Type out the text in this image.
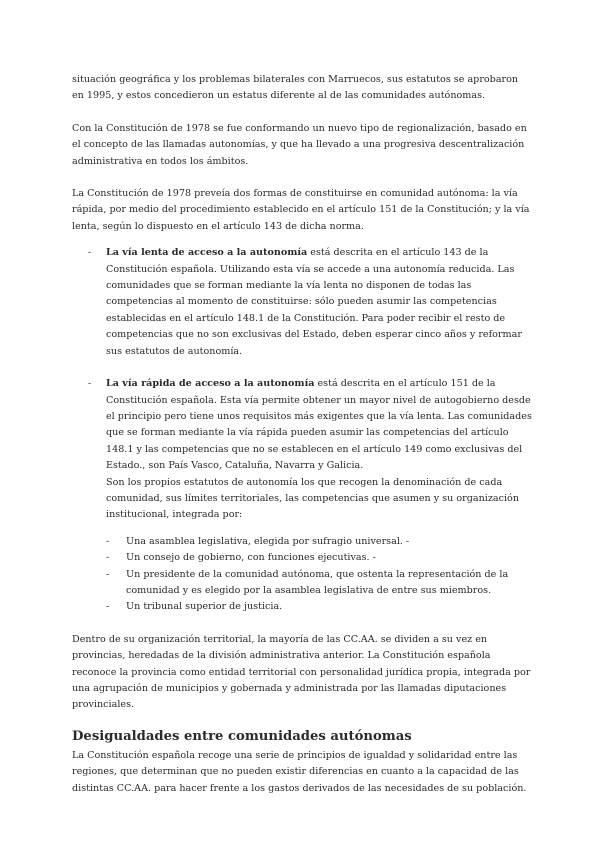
situación geográfica y los problemas bilaterales con Marruecos, sus estatutos se aprobaron en 1995, y estos concedieron un estatus diferente al de las comunidades autónomas.

Con la Constitución de 1978 se fue conformando un nuevo tipo de regionalización, basado en el concepto de las llamadas autonomías, y que ha llevado a una progresiva descentralización administrativa en todos los ámbitos.

La Constitución de 1978 preveía dos formas de constituirse en comunidad autónoma: la vía rápida, por medio del procedimiento establecido en el artículo 151 de la Constitución; y la vía lenta, según lo dispuesto en el artículo 143 de dicha norma.

- La vía lenta de acceso a la autonomía está descrita en el artículo 143 de la Constitución española. Utilizando esta vía se accede a una autonomía reducida. Las comunidades que se forman mediante la vía lenta no disponen de todas las competencias al momento de constituirse: sólo pueden asumir las competencias establecidas en el artículo 148.1 de la Constitución. Para poder recibir el resto de competencias que no son exclusivas del Estado, deben esperar cinco años y reformar sus estatutos de autonomía.
- La vía rápida de acceso a la autonomía está descrita en el artículo 151 de la Constitución española. Esta vía permite obtener un mayor nivel de autogobierno desde el principio pero tiene unos requisitos más exigentes que la vía lenta. Las comunidades que se forman mediante la vía rápida pueden asumir las competencias del artículo 148.1 y las competencias que no se establecen en el artículo 149 como exclusivas del Estado., son País Vasco, Cataluña, Navarra y Galicia.

Son los propios estatutos de autonomía los que recogen la denominación de cada comunidad, sus límites territoriales, las competencias que asumen y su organización institucional, integrada por:

- Una asamblea legislativa, elegida por sufragio universal. -
- Un consejo de gobierno, con funciones ejecutivas. -
- Un presidente de la comunidad autónoma, que ostenta la representación de la comunidad y es elegido por la asamblea legislativa de entre sus miembros.
- Un tribunal superior de justicia.

Dentro de su organización territorial, la mayoría de las CC.AA. se dividen a su vez en provincias, heredadas de la división administrativa anterior. La Constitución española reconoce la provincia como entidad territorial con personalidad jurídica propia, integrada por una agrupación de municipios y gobernada y administrada por las llamadas diputaciones provinciales.

Desigualdades entre comunidades autónomas

La Constitución española recoge una serie de principios de igualdad y solidaridad entre las regiones, que determinan que no pueden existir diferencias en cuanto a la capacidad de las distintas CC.AA. para hacer frente a los gastos derivados de las necesidades de su población.
